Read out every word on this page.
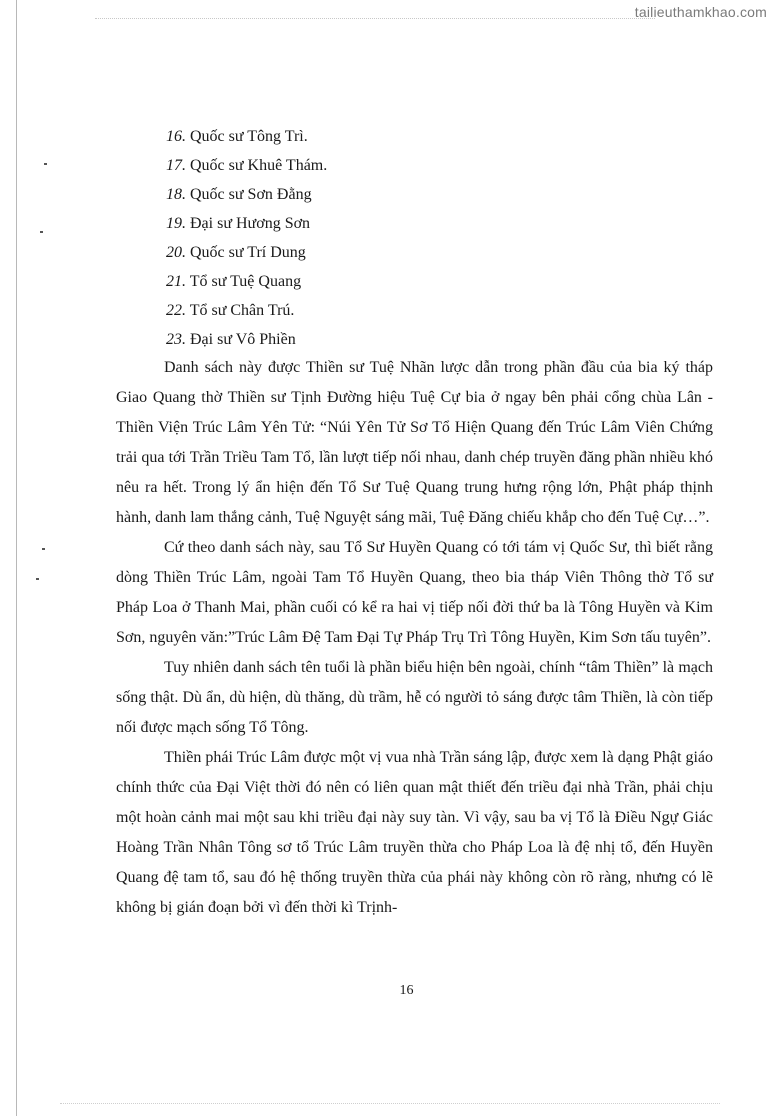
tailieuthamkhao.com
16. Quốc sư Tông Trì.
17. Quốc sư Khuê Thám.
18. Quốc sư Sơn Đằng
19. Đại sư Hương Sơn
20. Quốc sư Trí Dung
21. Tổ sư Tuệ Quang
22. Tổ sư Chân Trú.
23. Đại sư Vô Phiền

Danh sách này được Thiền sư Tuệ Nhãn lược dẫn trong phần đầu của bia ký tháp Giao Quang thờ Thiền sư Tịnh Đường hiệu Tuệ Cự bia ở ngay bên phải cổng chùa Lân - Thiền Viện Trúc Lâm Yên Tử: “Núi Yên Tử Sơ Tổ Hiện Quang đến Trúc Lâm Viên Chứng trải qua tới Trần Triều Tam Tổ, lần lượt tiếp nối nhau, danh chép truyền đăng phần nhiều khó nêu ra hết. Trong lý ẩn hiện đến Tổ Sư Tuệ Quang trung hưng rộng lớn, Phật pháp thịnh hành, danh lam thắng cảnh, Tuệ Nguyệt sáng mãi, Tuệ Đăng chiếu khắp cho đến Tuệ Cự…”.

Cứ theo danh sách này, sau Tổ Sư Huyền Quang có tới tám vị Quốc Sư, thì biết rằng dòng Thiền Trúc Lâm, ngoài Tam Tổ Huyền Quang, theo bia tháp Viên Thông thờ Tổ sư Pháp Loa ở Thanh Mai, phần cuối có kể ra hai vị tiếp nối đời thứ ba là Tông Huyền và Kim Sơn, nguyên văn:”Trúc Lâm Đệ Tam Đại Tự Pháp Trụ Trì Tông Huyền, Kim Sơn tấu tuyên”.

Tuy nhiên danh sách tên tuổi là phần biểu hiện bên ngoài, chính “tâm Thiền” là mạch sống thật. Dù ẩn, dù hiện, dù thăng, dù trầm, hễ có người tỏ sáng được tâm Thiền, là còn tiếp nối được mạch sống Tổ Tông.

Thiền phái Trúc Lâm được một vị vua nhà Trần sáng lập, được xem là dạng Phật giáo chính thức của Đại Việt thời đó nên có liên quan mật thiết đến triều đại nhà Trần, phải chịu một hoàn cảnh mai một sau khi triều đại này suy tàn. Vì vậy, sau ba vị Tổ là Điều Ngự Giác Hoàng Trần Nhân Tông sơ tổ Trúc Lâm truyền thừa cho Pháp Loa là đệ nhị tổ, đến Huyền Quang đệ tam tổ, sau đó hệ thống truyền thừa của phái này không còn rõ ràng, nhưng có lẽ không bị gián đoạn bởi vì đến thời kì Trịnh-

16
